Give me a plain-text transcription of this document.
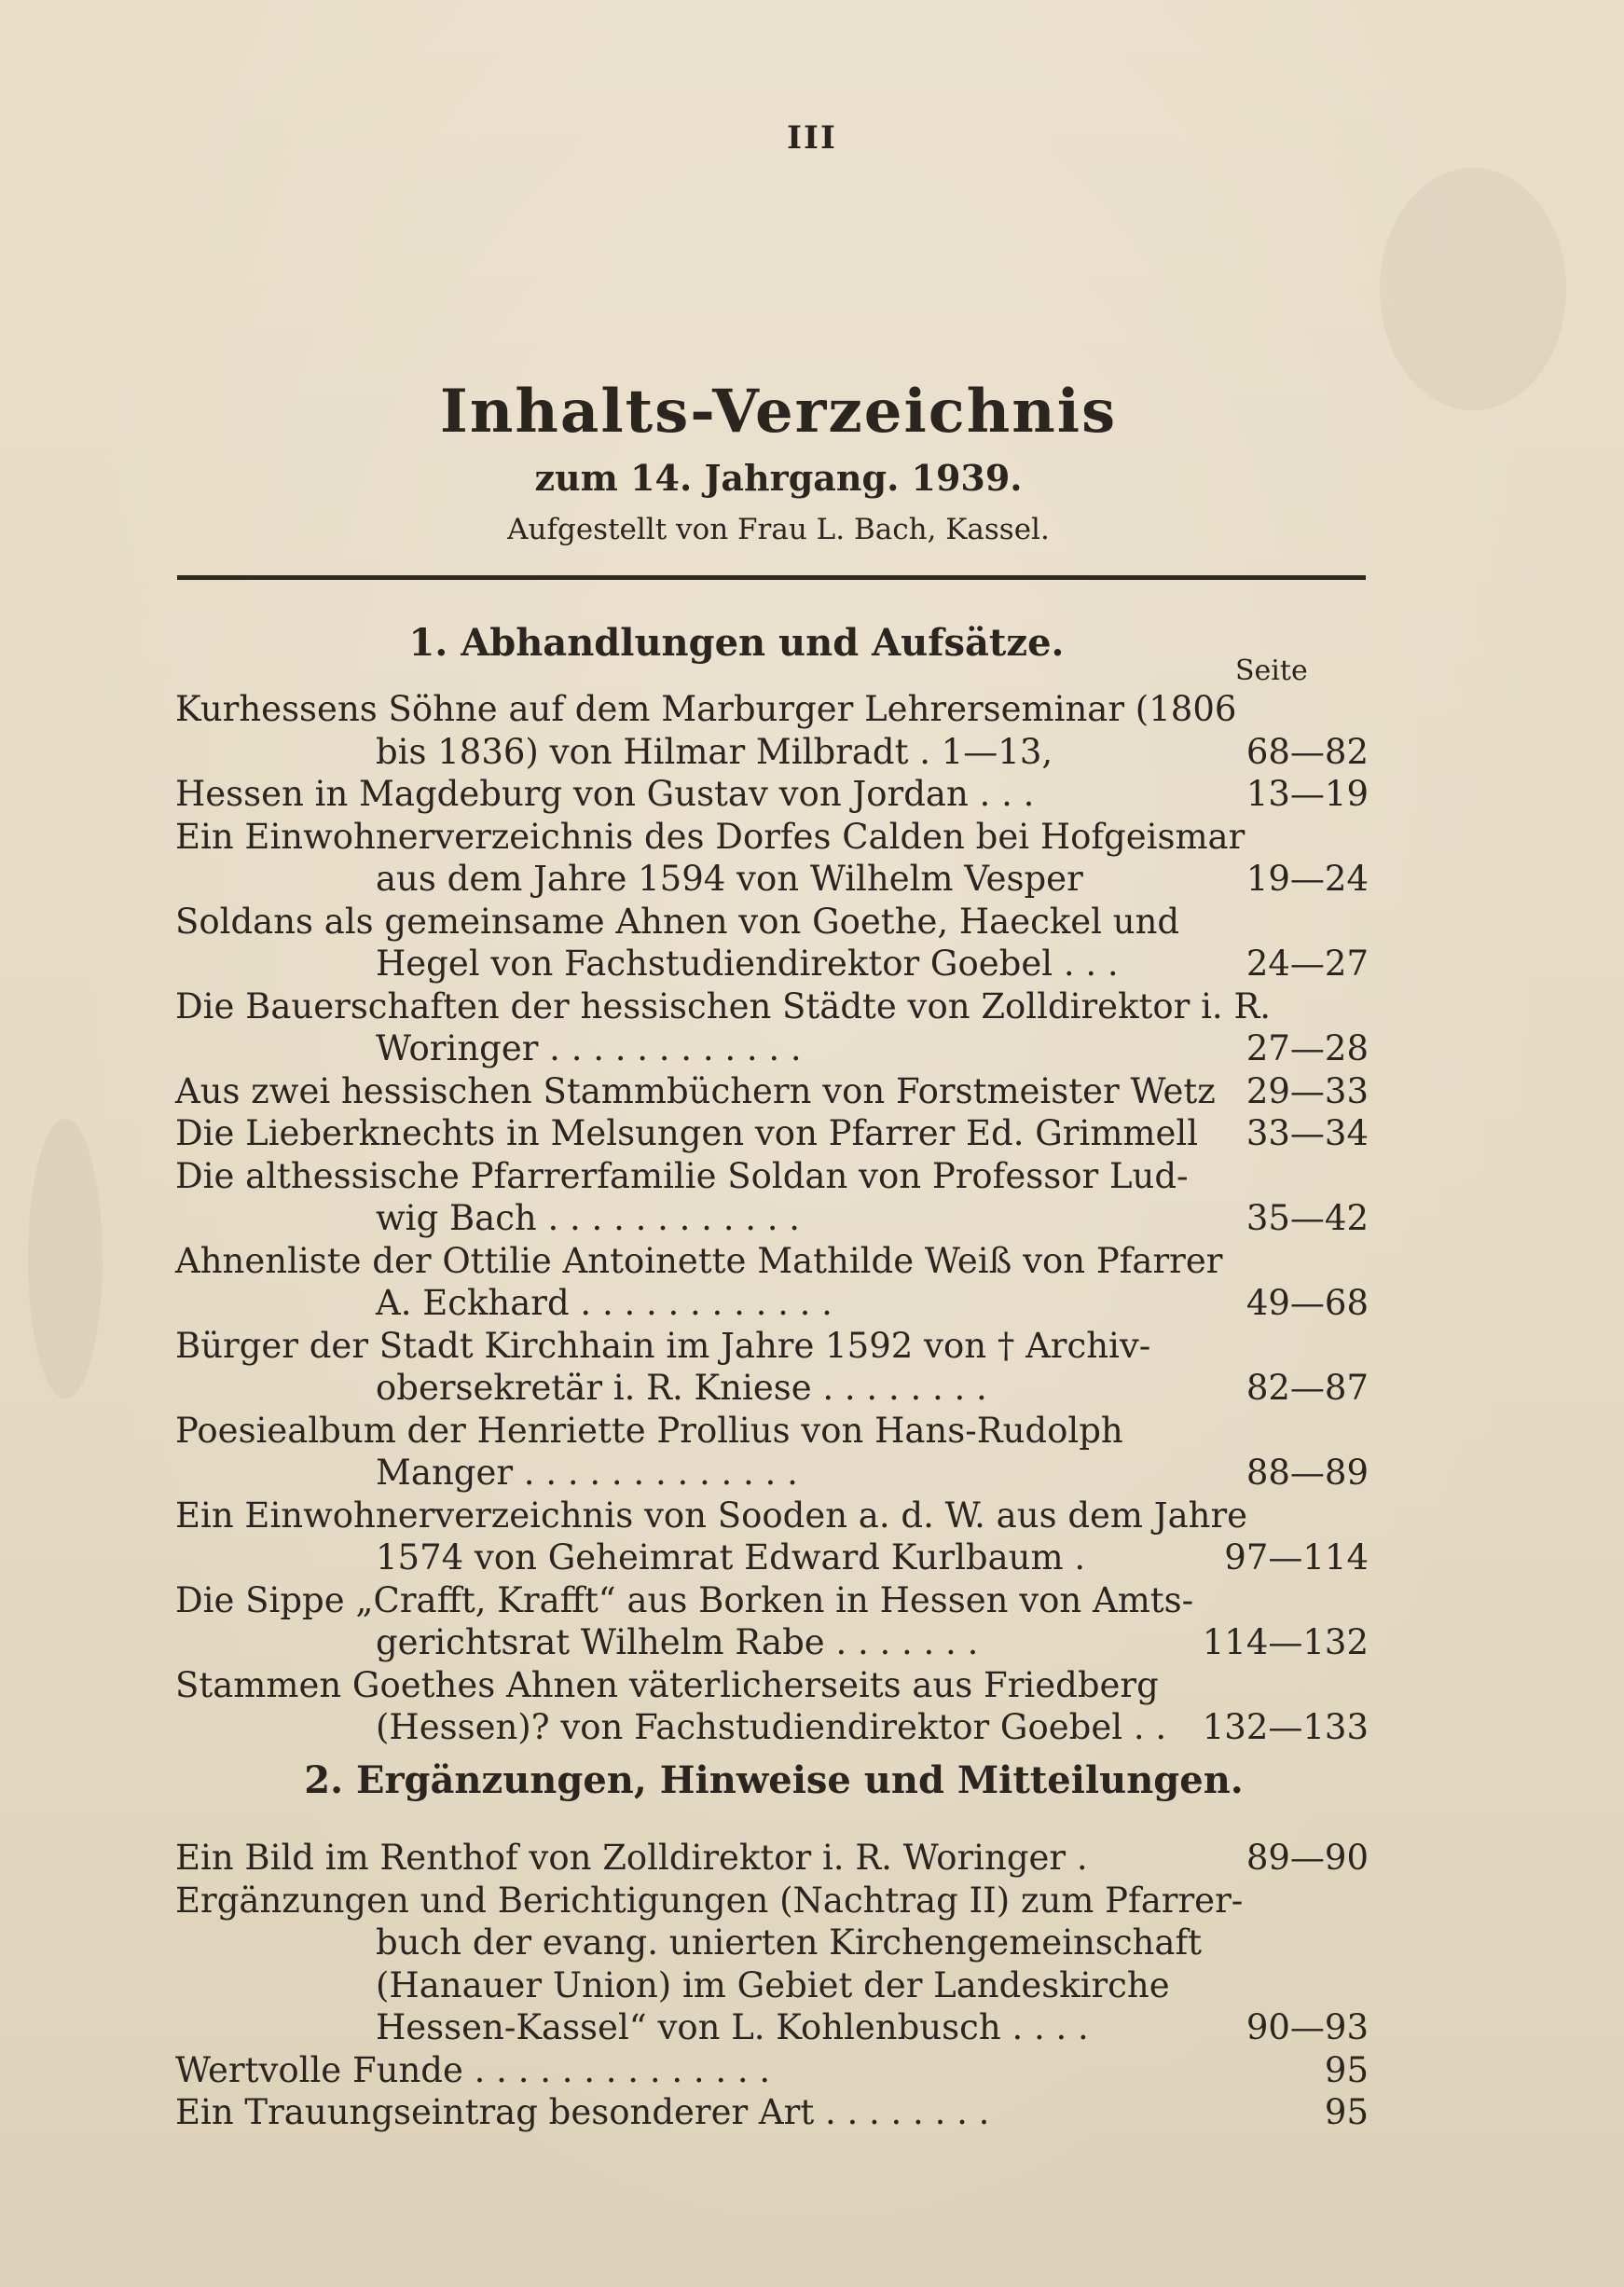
III
Inhalts-Verzeichnis
zum 14. Jahrgang. 1939.
Aufgestellt von Frau L. Bach, Kassel.
1. Abhandlungen und Aufsätze.
Seite
Kurhessens Söhne auf dem Marburger Lehrerseminar (1806
bis 1836) von Hilmar Milbradt . 1—13,	68—82
Hessen in Magdeburg von Gustav von Jordan . . .	13—19
Ein Einwohnerverzeichnis des Dorfes Calden bei Hofgeismar
aus dem Jahre 1594 von Wilhelm Vesper	19—24
Soldans als gemeinsame Ahnen von Goethe, Haeckel und
Hegel von Fachstudiendirektor Goebel . . .	24—27
Die Bauerschaften der hessischen Städte von Zolldirektor i. R.
Woringer . . . . . . . . . . . .	27—28
Aus zwei hessischen Stammbüchern von Forstmeister Wetz 29—33
Die Lieberknechts in Melsungen von Pfarrer Ed. Grimmell	33—34
Die althessische Pfarrerfamilie Soldan von Professor Lud-
wig Bach . . . . . . . . . . . .	35—42
Ahnenliste der Ottilie Antoinette Mathilde Weiß von Pfarrer
A. Eckhard . . . . . . . . . . . .	49—68
Bürger der Stadt Kirchhain im Jahre 1592 von † Archiv-
obersekretär i. R. Kniese . . . . . . . .	82—87
Poesiealbum der Henriette Prollius von Hans-Rudolph
Manger . . . . . . . . . . . . .	88—89
Ein Einwohnerverzeichnis von Sooden a. d. W. aus dem Jahre
1574 von Geheimrat Edward Kurlbaum .	97—114
Die Sippe „Crafft, Krafft“ aus Borken in Hessen von Amts-
gerichtsrat Wilhelm Rabe . . . . . . .	114—132
Stammen Goethes Ahnen väterlicherseits aus Friedberg
(Hessen)? von Fachstudiendirektor Goebel . .	132—133
2. Ergänzungen, Hinweise und Mitteilungen.
Ein Bild im Renthof von Zolldirektor i. R. Woringer .	89—90
Ergänzungen und Berichtigungen (Nachtrag II) zum Pfarrer-
buch der evang. unierten Kirchengemeinschaft
(Hanauer Union) im Gebiet der Landeskirche
Hessen-Kassel“ von L. Kohlenbusch . . . .	90—93
Wertvolle Funde . . . . . . . . . . . . . .	95
Ein Trauungseintrag besonderer Art . . . . . . . .	95
